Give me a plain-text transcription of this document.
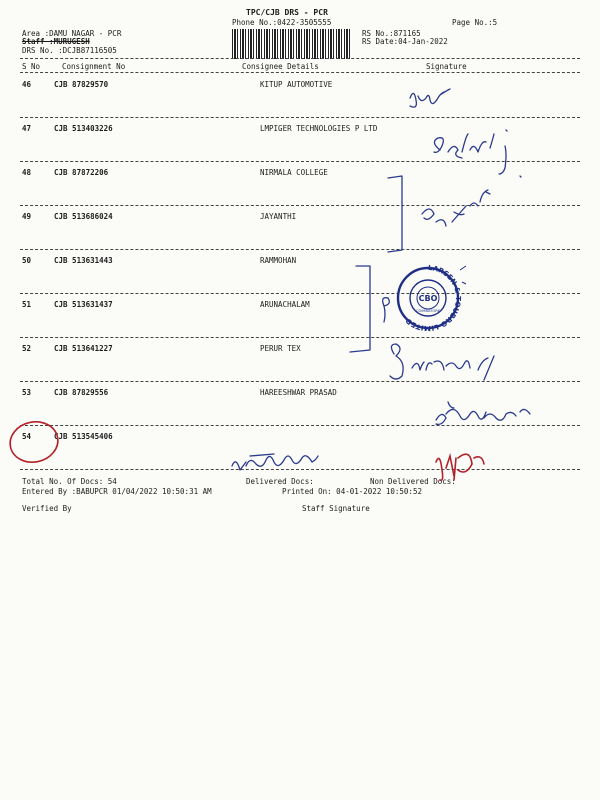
TPC/CJB DRS - PCR
Phone No.:0422-3505555	Page No.:5
Area :DAMU NAGAR - PCR
Staff :MURUGESH
DRS No. :DCJB87116505
RS No.:871165
RS Date:04-Jan-2022
S No	Consignment No	Consignee Details	Signature
46	CJB 87829570	KITUP AUTOMOTIVE
47	CJB 513403226	LMPIGER TECHNOLOGIES P LTD
48	CJB 87872206	NIRMALA COLLEGE
49	CJB 513686024	JAYANTHI
50	CJB 513631443	RAMMOHAN
51	CJB 513631437	ARUNACHALAM
52	CJB 513641227	PERUR TEX
53	CJB 87829556	HAREESHWAR PRASAD
54	CJB 513545406
Total No. Of Docs: 54	Delivered Docs:	Non Delivered Docs:
Entered By :BABUPCR 01/04/2022 10:50:31 AM	Printed On: 04-01-2022 10:50:52
Verified By	Staff Signature
LARSEN & TOUBRO LIMITED
CBO
COIMBATORE
